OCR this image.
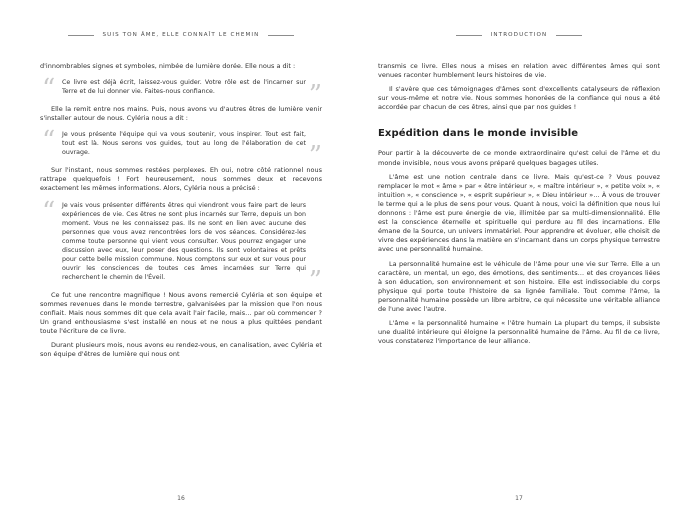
SUIS TON ÂME, ELLE CONNAÎT LE CHEMIN

d'innombrables signes et symboles, nimbée de lumière dorée. Elle nous a dit :

“ Ce livre est déjà écrit, laissez-vous guider. Votre rôle est de l'incarner sur Terre et de lui donner vie. Faites-nous confiance.	”

Elle la remit entre nos mains. Puis, nous avons vu d'autres êtres de lumière venir s'installer autour de nous. Cyléria nous a dit :

“ Je vous présente l'équipe qui va vous soutenir, vous inspirer. Tout est fait, tout est là. Nous serons vos guides, tout au long de l'élaboration de cet ouvrage.	”

Sur l'instant, nous sommes restées perplexes. Eh oui, notre côté rationnel nous rattrape quelquefois ! Fort heureusement, nous sommes deux et recevons exactement les mêmes informations. Alors, Cyléria nous a précisé :

“ Je vais vous présenter différents êtres qui viendront vous faire part de leurs expériences de vie. Ces êtres ne sont plus incarnés sur Terre, depuis un bon moment. Vous ne les connaissez pas. Ils ne sont en lien avec aucune des personnes que vous avez rencontrées lors de vos séances. Considérez-les comme toute personne qui vient vous consulter. Vous pourrez engager une discussion avec eux, leur poser des questions. Ils sont volontaires et prêts pour cette belle mission commune. Nous comptons sur eux et sur vous pour ouvrir les consciences de toutes ces âmes incarnées sur Terre qui recherchent le chemin de l'Éveil.	”

Ce fut une rencontre magnifique ! Nous avons remercié Cyléria et son équipe et sommes revenues dans le monde terrestre, galvanisées par la mission que l'on nous confiait. Mais nous sommes dit que cela avait l'air facile, mais… par où commencer ? Un grand enthousiasme s'est installé en nous et ne nous a plus quittées pendant toute l'écriture de ce livre.

Durant plusieurs mois, nous avons eu rendez-vous, en canalisation, avec Cyléria et son équipe d'êtres de lumière qui nous ont

16
INTRODUCTION

transmis ce livre. Elles nous a mises en relation avec différentes âmes qui sont venues raconter humblement leurs histoires de vie.

Il s'avère que ces témoignages d'âmes sont d'excellents catalyseurs de réflexion sur vous-même et notre vie. Nous sommes honorées de la confiance qui nous a été accordée par chacun de ces êtres, ainsi que par nos guides !

Expédition dans le monde invisible

Pour partir à la découverte de ce monde extraordinaire qu'est celui de l'âme et du monde invisible, nous vous avons préparé quelques bagages utiles.

L'âme est une notion centrale dans ce livre. Mais qu'est-ce ? Vous pouvez remplacer le mot « âme » par « être intérieur », « maître intérieur », « petite voix », « intuition », « conscience », « esprit supérieur », « Dieu intérieur »… À vous de trouver le terme qui a le plus de sens pour vous. Quant à nous, voici la définition que nous lui donnons : l'âme est pure énergie de vie, illimitée par sa multi-dimensionnalité. Elle est la conscience éternelle et spirituelle qui perdure au fil des incarnations. Elle émane de la Source, un univers immatériel. Pour apprendre et évoluer, elle choisit de vivre des expériences dans la matière en s'incarnant dans un corps physique terrestre avec une personnalité humaine.

La personnalité humaine est le véhicule de l'âme pour une vie sur Terre. Elle a un caractère, un mental, un ego, des émotions, des sentiments… et des croyances liées à son éducation, son environnement et son histoire. Elle est indissociable du corps physique qui porte toute l'histoire de sa lignée familiale. Tout comme l'âme, la personnalité humaine possède un libre arbitre, ce qui nécessite une véritable alliance de l'une avec l'autre.

L'âme « la personnalité humaine « l'être humain La plupart du temps, il subsiste une dualité intérieure qui éloigne la personnalité humaine de l'âme. Au fil de ce livre, vous constaterez l'importance de leur alliance.

17
